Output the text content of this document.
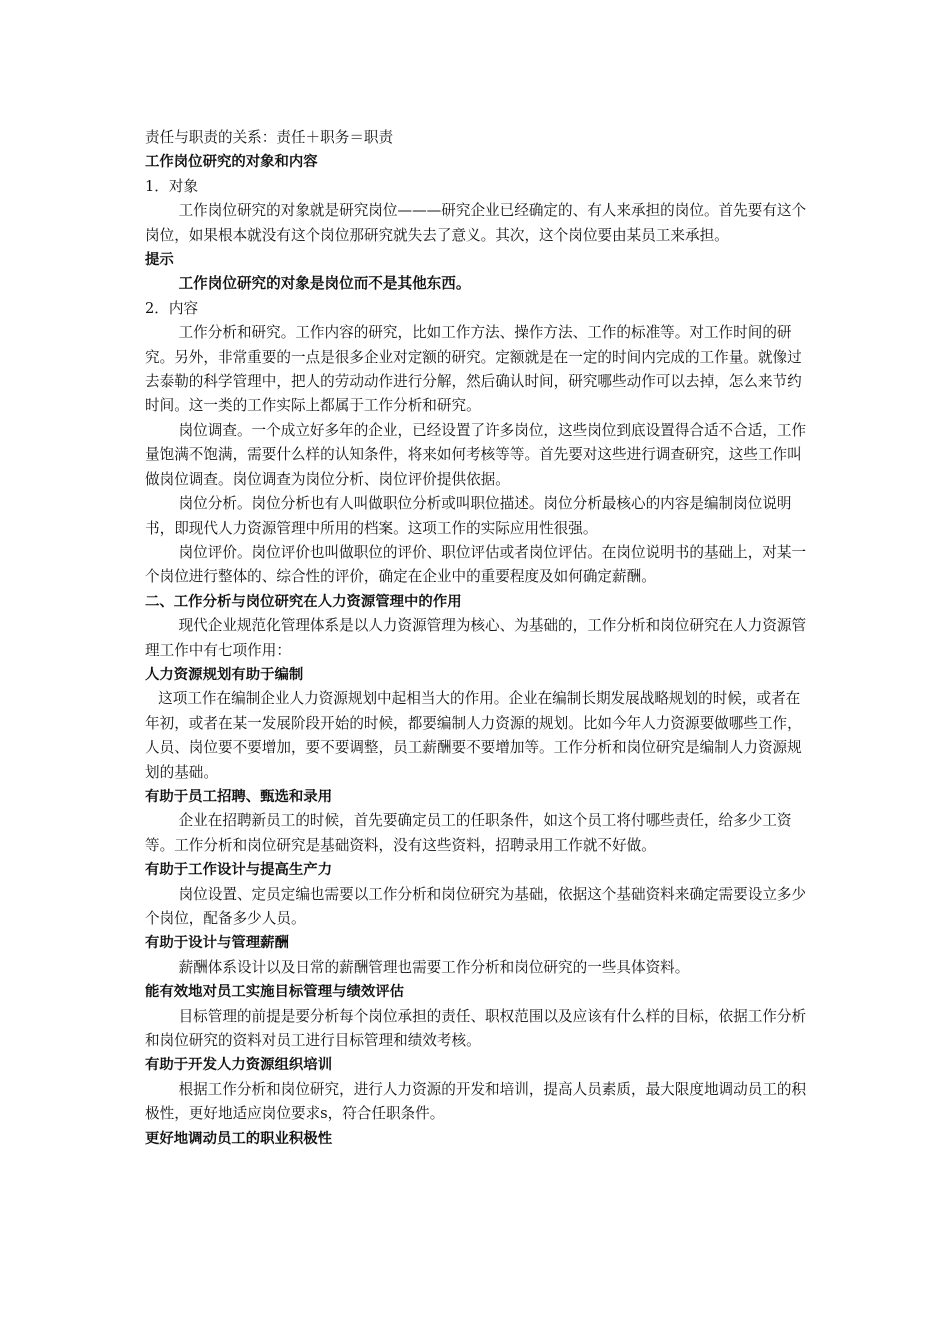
责任与职责的关系：责任＋职务＝职责

工作岗位研究的对象和内容

1．对象

工作岗位研究的对象就是研究岗位———研究企业已经确定的、有人来承担的岗位。首先要有这个岗位，如果根本就没有这个岗位那研究就失去了意义。其次，这个岗位要由某员工来承担。

提示

工作岗位研究的对象是岗位而不是其他东西。

2．内容

工作分析和研究。工作内容的研究，比如工作方法、操作方法、工作的标准等。对工作时间的研究。另外，非常重要的一点是很多企业对定额的研究。定额就是在一定的时间内完成的工作量。就像过去泰勒的科学管理中，把人的劳动动作进行分解，然后确认时间，研究哪些动作可以去掉，怎么来节约时间。这一类的工作实际上都属于工作分析和研究。

岗位调查。一个成立好多年的企业，已经设置了许多岗位，这些岗位到底设置得合适不合适，工作量饱满不饱满，需要什么样的认知条件，将来如何考核等等。首先要对这些进行调查研究，这些工作叫做岗位调查。岗位调查为岗位分析、岗位评价提供依据。

岗位分析。岗位分析也有人叫做职位分析或叫职位描述。岗位分析最核心的内容是编制岗位说明书，即现代人力资源管理中所用的档案。这项工作的实际应用性很强。

岗位评价。岗位评价也叫做职位的评价、职位评估或者岗位评估。在岗位说明书的基础上，对某一个岗位进行整体的、综合性的评价，确定在企业中的重要程度及如何确定薪酬。

二、工作分析与岗位研究在人力资源管理中的作用

现代企业规范化管理体系是以人力资源管理为核心、为基础的，工作分析和岗位研究在人力资源管理工作中有七项作用：

人力资源规划有助于编制

这项工作在编制企业人力资源规划中起相当大的作用。企业在编制长期发展战略规划的时候，或者在年初，或者在某一发展阶段开始的时候，都要编制人力资源的规划。比如今年人力资源要做哪些工作，人员、岗位要不要增加，要不要调整，员工薪酬要不要增加等。工作分析和岗位研究是编制人力资源规划的基础。

有助于员工招聘、甄选和录用

企业在招聘新员工的时候，首先要确定员工的任职条件，如这个员工将付哪些责任，给多少工资等。工作分析和岗位研究是基础资料，没有这些资料，招聘录用工作就不好做。

有助于工作设计与提高生产力

岗位设置、定员定编也需要以工作分析和岗位研究为基础，依据这个基础资料来确定需要设立多少个岗位，配备多少人员。

有助于设计与管理薪酬

薪酬体系设计以及日常的薪酬管理也需要工作分析和岗位研究的一些具体资料。

能有效地对员工实施目标管理与绩效评估

目标管理的前提是要分析每个岗位承担的责任、职权范围以及应该有什么样的目标，依据工作分析和岗位研究的资料对员工进行目标管理和绩效考核。

有助于开发人力资源组织培训

根据工作分析和岗位研究，进行人力资源的开发和培训，提高人员素质，最大限度地调动员工的积极性，更好地适应岗位要求s，符合任职条件。

更好地调动员工的职业积极性
